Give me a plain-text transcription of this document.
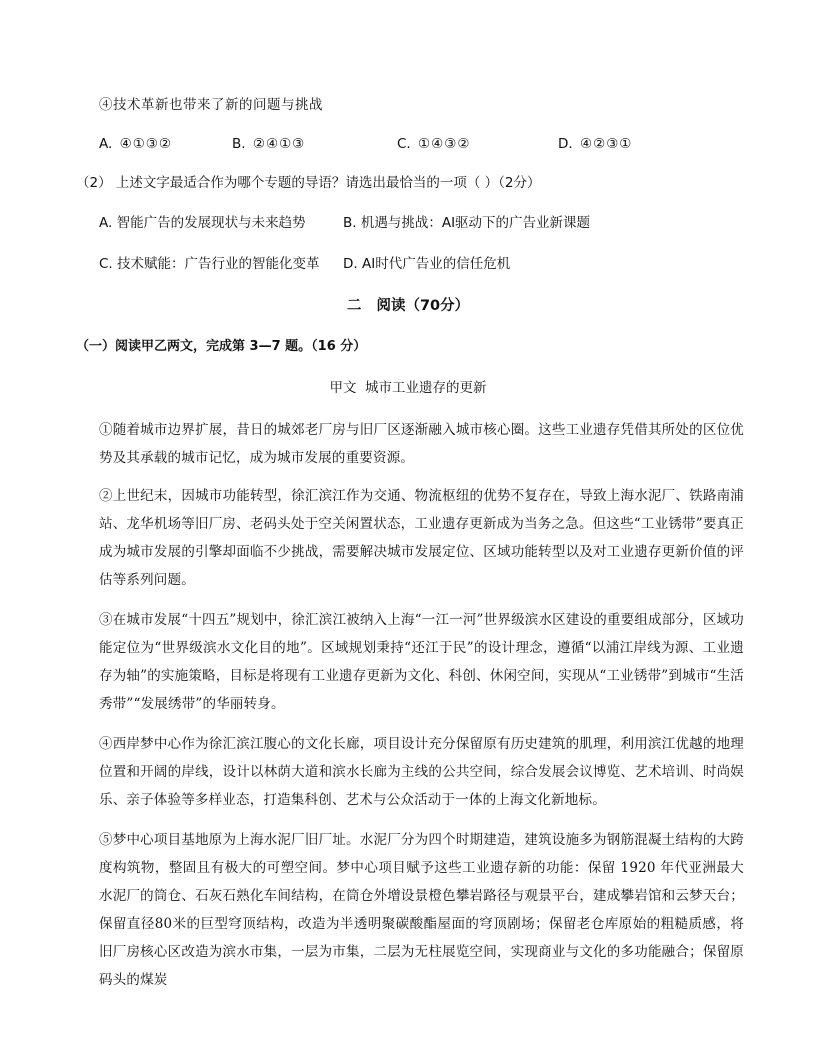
④技术革新也带来了新的问题与挑战
A. ④①③②	B. ②④①③	C. ①④③②	D. ④②③①
（2） 上述文字最适合作为哪个专题的导语？请选出最恰当的一项（ ）（2分）
A. 智能广告的发展现状与未来趋势	B. 机遇与挑战：AI驱动下的广告业新课题
C. 技术赋能：广告行业的智能化变革 D. AI时代广告业的信任危机
二   阅读（70分）
（一）阅读甲乙两文，完成第 3—7 题。（16 分）
甲文  城市工业遗存的更新
①随着城市边界扩展，昔日的城郊老厂房与旧厂区逐渐融入城市核心圈。这些工业遗存凭借其所处的区位优势及其承载的城市记忆，成为城市发展的重要资源。
②上世纪末，因城市功能转型，徐汇滨江作为交通、物流枢纽的优势不复存在，导致上海水泥厂、铁路南浦站、龙华机场等旧厂房、老码头处于空关闲置状态，工业遗存更新成为当务之急。但这些“工业锈带”要真正成为城市发展的引擎却面临不少挑战，需要解决城市发展定位、区域功能转型以及对工业遗存更新价值的评估等系列问题。
③在城市发展“十四五”规划中，徐汇滨江被纳入上海“一江一河”世界级滨水区建设的重要组成部分，区域功能定位为“世界级滨水文化目的地”。区域规划秉持“还江于民”的设计理念，遵循“以浦江岸线为源、工业遗存为轴”的实施策略，目标是将现有工业遗存更新为文化、科创、休闲空间，实现从“工业锈带”到城市“生活秀带”“发展绣带”的华丽转身。
④西岸梦中心作为徐汇滨江腹心的文化长廊，项目设计充分保留原有历史建筑的肌理，利用滨江优越的地理位置和开阔的岸线，设计以林荫大道和滨水长廊为主线的公共空间，综合发展会议博览、艺术培训、时尚娱乐、亲子体验等多样业态，打造集科创、艺术与公众活动于一体的上海文化新地标。
⑤梦中心项目基地原为上海水泥厂旧厂址。水泥厂分为四个时期建造，建筑设施多为钢筋混凝土结构的大跨度构筑物，整固且有极大的可塑空间。梦中心项目赋予这些工业遗存新的功能：保留 1920 年代亚洲最大水泥厂的筒仓、石灰石熟化车间结构，在筒仓外增设景橙色攀岩路径与观景平台，建成攀岩馆和云梦天台；保留直径80米的巨型穹顶结构，改造为半透明聚碳酸酯屋面的穹顶剧场；保留老仓库原始的粗糙质感，将旧厂房核心区改造为滨水市集，一层为市集，二层为无柱展览空间，实现商业与文化的多功能融合；保留原码头的煤炭
